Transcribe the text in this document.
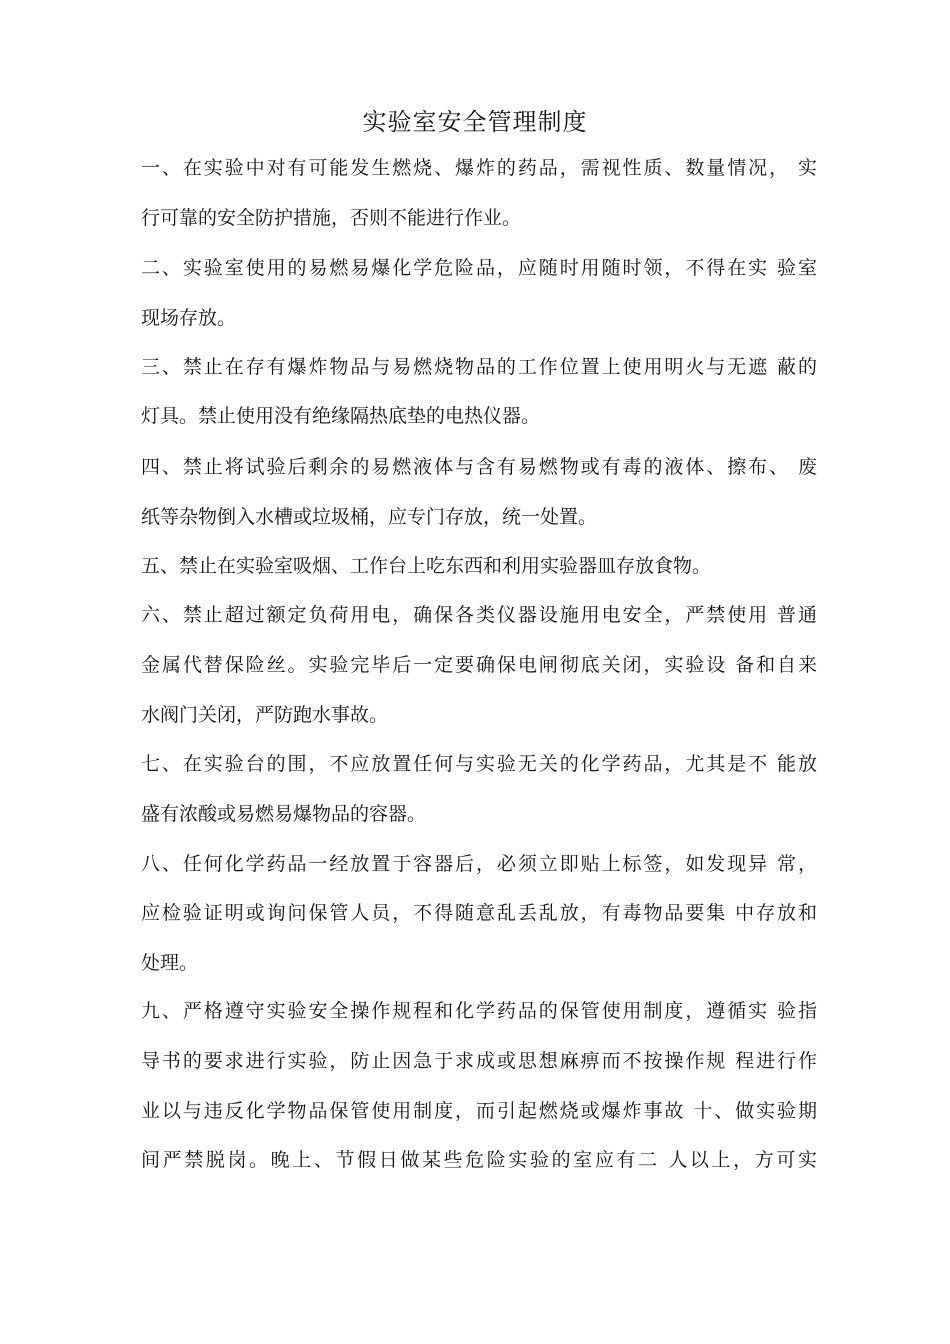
实验室安全管理制度
一、在实验中对有可能发生燃烧、爆炸的药品，需视性质、数量情况， 实
行可靠的安全防护措施，否则不能进行作业。
二、实验室使用的易燃易爆化学危险品，应随时用随时领，不得在实 验室
现场存放。
三、禁止在存有爆炸物品与易燃烧物品的工作位置上使用明火与无遮 蔽的
灯具。禁止使用没有绝缘隔热底垫的电热仪器。
四、禁止将试验后剩余的易燃液体与含有易燃物或有毒的液体、擦布、 废
纸等杂物倒入水槽或垃圾桶，应专门存放，统一处置。
五、禁止在实验室吸烟、工作台上吃东西和利用实验器皿存放食物。
六、禁止超过额定负荷用电，确保各类仪器设施用电安全，严禁使用 普通
金属代替保险丝。实验完毕后一定要确保电闸彻底关闭，实验设 备和自来
水阀门关闭，严防跑水事故。
七、在实验台的围，不应放置任何与实验无关的化学药品，尤其是不 能放
盛有浓酸或易燃易爆物品的容器。
八、任何化学药品一经放置于容器后，必须立即贴上标签，如发现异 常，
应检验证明或询问保管人员，不得随意乱丢乱放，有毒物品要集 中存放和
处理。
九、严格遵守实验安全操作规程和化学药品的保管使用制度，遵循实 验指
导书的要求进行实验，防止因急于求成或思想麻痹而不按操作规 程进行作
业以与违反化学物品保管使用制度，而引起燃烧或爆炸事故 十、做实验期
间严禁脱岗。晚上、节假日做某些危险实验的室应有二 人以上，方可实
